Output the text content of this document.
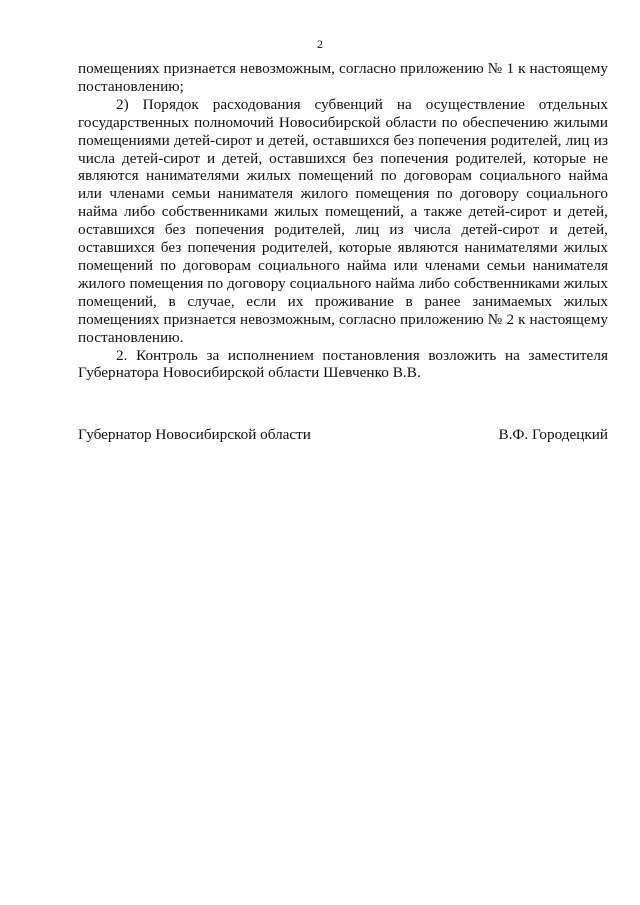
2

помещениях признается невозможным, согласно приложению № 1 к настоящему постановлению;

2) Порядок расходования субвенций на осуществление отдельных государственных полномочий Новосибирской области по обеспечению жилыми помещениями детей-сирот и детей, оставшихся без попечения родителей, лиц из числа детей-сирот и детей, оставшихся без попечения родителей, которые не являются нанимателями жилых помещений по договорам социального найма или членами семьи нанимателя жилого помещения по договору социального найма либо собственниками жилых помещений, а также детей-сирот и детей, оставшихся без попечения родителей, лиц из числа детей-сирот и детей, оставшихся без попечения родителей, которые являются нанимателями жилых помещений по договорам социального найма или членами семьи нанимателя жилого помещения по договору социального найма либо собственниками жилых помещений, в случае, если их проживание в ранее занимаемых жилых помещениях признается невозможным, согласно приложению № 2 к настоящему постановлению.

2. Контроль за исполнением постановления возложить на заместителя Губернатора Новосибирской области Шевченко В.В.

Губернатор Новосибирской области	В.Ф. Городецкий
